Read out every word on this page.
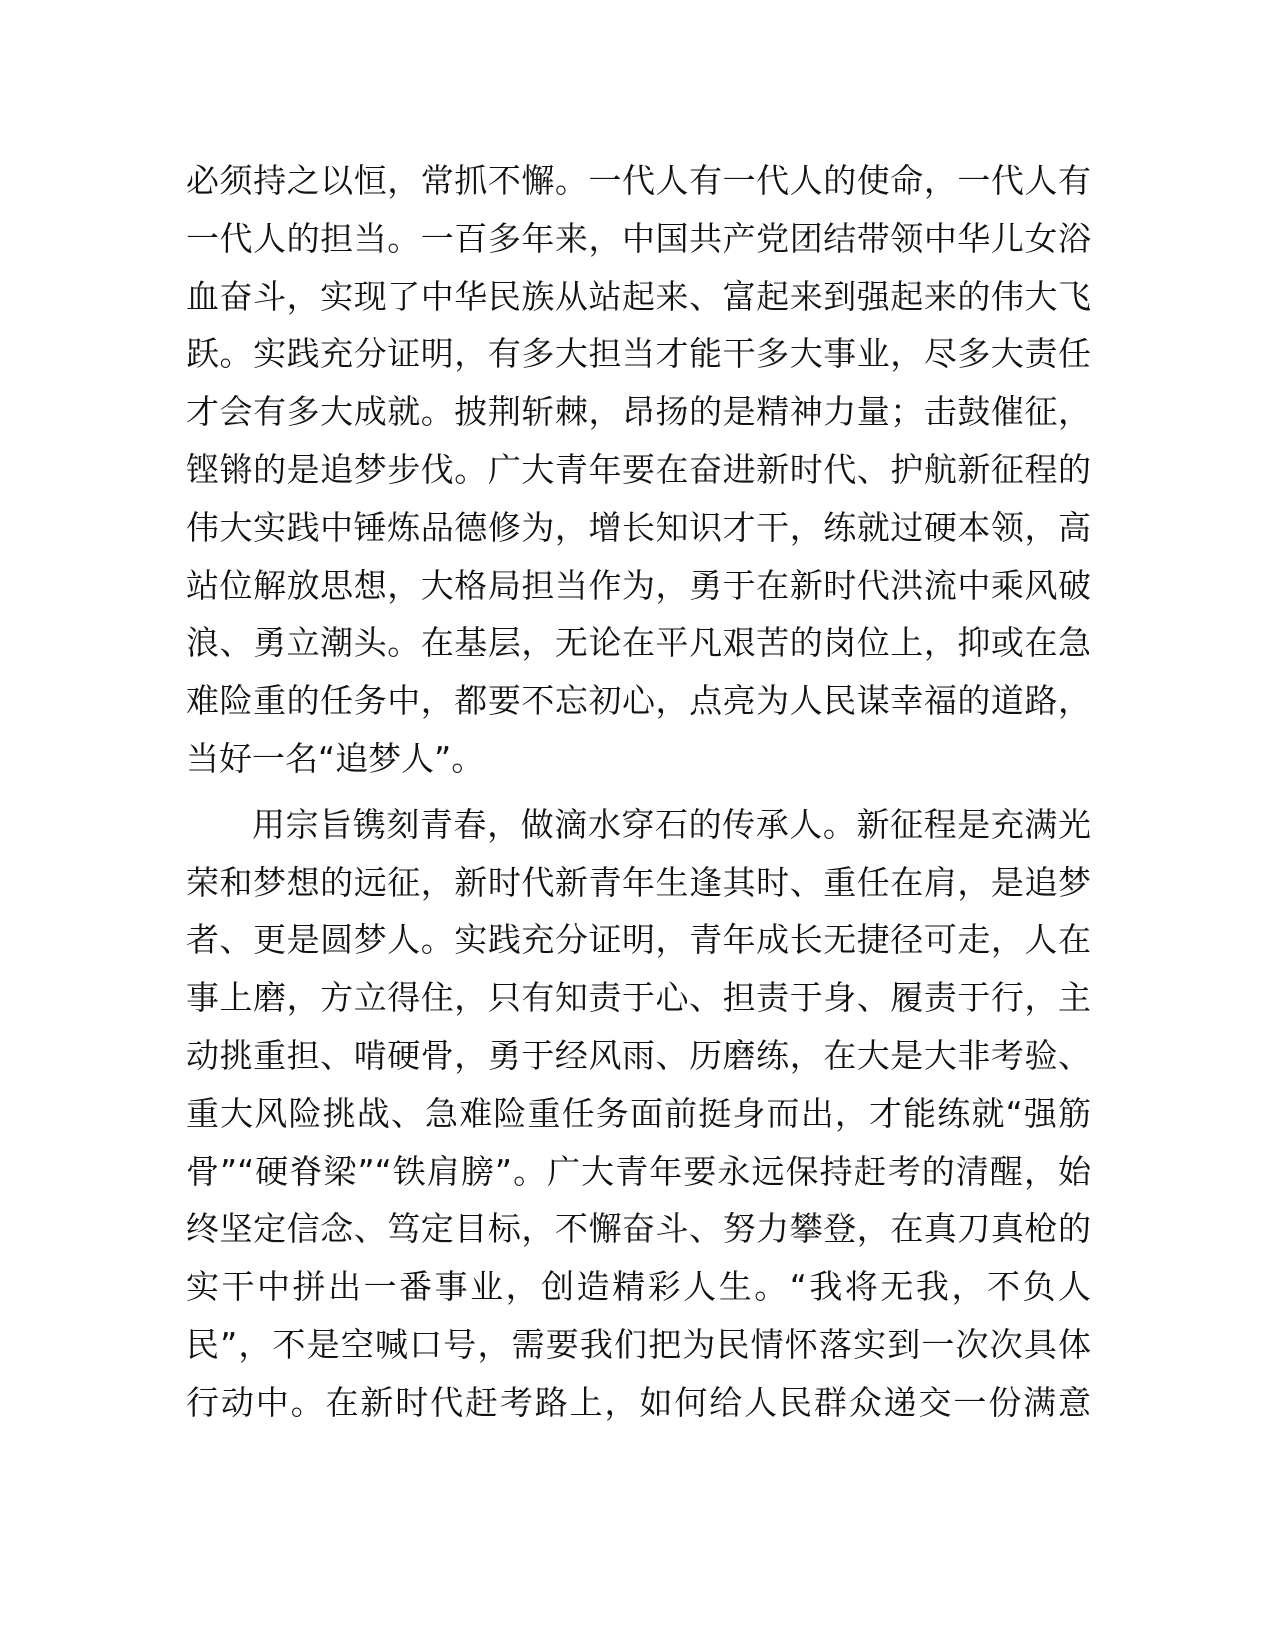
必须持之以恒，常抓不懈。一代人有一代人的使命，一代人有
一代人的担当。一百多年来，中国共产党团结带领中华儿女浴
血奋斗，实现了中华民族从站起来、富起来到强起来的伟大飞
跃。实践充分证明，有多大担当才能干多大事业，尽多大责任
才会有多大成就。披荆斩棘，昂扬的是精神力量；击鼓催征，
铿锵的是追梦步伐。广大青年要在奋进新时代、护航新征程的
伟大实践中锤炼品德修为，增长知识才干，练就过硬本领，高
站位解放思想，大格局担当作为，勇于在新时代洪流中乘风破
浪、勇立潮头。在基层，无论在平凡艰苦的岗位上，抑或在急
难险重的任务中，都要不忘初心，点亮为人民谋幸福的道路，
当好一名“追梦人”。
用宗旨镌刻青春，做滴水穿石的传承人。新征程是充满光
荣和梦想的远征，新时代新青年生逢其时、重任在肩，是追梦
者、更是圆梦人。实践充分证明，青年成长无捷径可走，人在
事上磨，方立得住，只有知责于心、担责于身、履责于行，主
动挑重担、啃硬骨，勇于经风雨、历磨练，在大是大非考验、
重大风险挑战、急难险重任务面前挺身而出，才能练就“强筋
骨”“硬脊梁”“铁肩膀”。广大青年要永远保持赶考的清醒，始
终坚定信念、笃定目标，不懈奋斗、努力攀登，在真刀真枪的
实干中拼出一番事业，创造精彩人生。“我将无我，不负人
民”，不是空喊口号，需要我们把为民情怀落实到一次次具体
行动中。在新时代赶考路上，如何给人民群众递交一份满意
